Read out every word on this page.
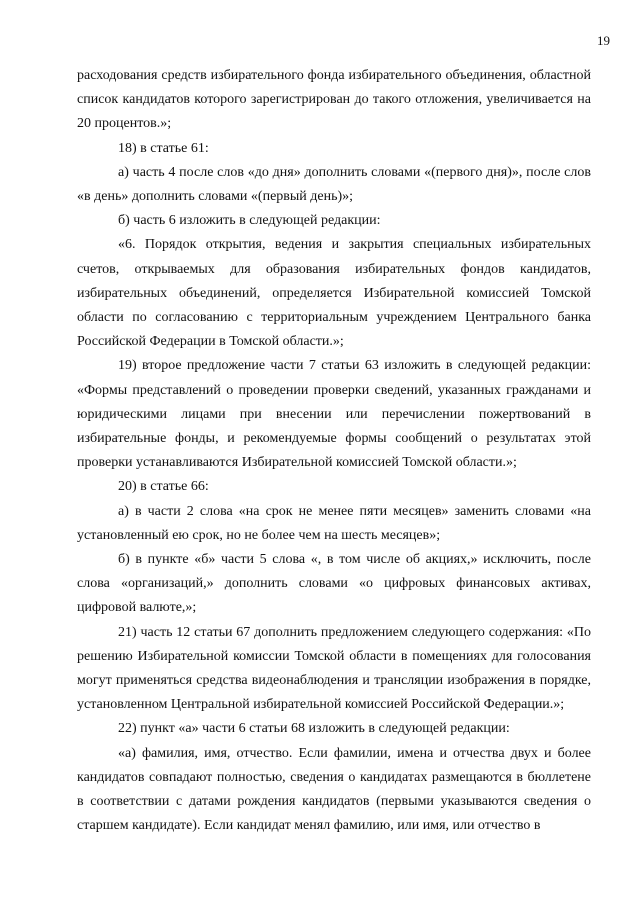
19

расходования средств избирательного фонда избирательного объединения, областной список кандидатов которого зарегистрирован до такого отложения, увеличивается на 20 процентов.»;

18) в статье 61:

а) часть 4 после слов «до дня» дополнить словами «(первого дня)», после слов «в день» дополнить словами «(первый день)»;

б) часть 6 изложить в следующей редакции:

«6. Порядок открытия, ведения и закрытия специальных избирательных счетов, открываемых для образования избирательных фондов кандидатов, избирательных объединений, определяется Избирательной комиссией Томской области по согласованию с территориальным учреждением Центрального банка Российской Федерации в Томской области.»;

19) второе предложение части 7 статьи 63 изложить в следующей редакции: «Формы представлений о проведении проверки сведений, указанных гражданами и юридическими лицами при внесении или перечислении пожертвований в избирательные фонды, и рекомендуемые формы сообщений о результатах этой проверки устанавливаются Избирательной комиссией Томской области.»;

20) в статье 66:

а) в части 2 слова «на срок не менее пяти месяцев» заменить словами «на установленный ею срок, но не более чем на шесть месяцев»;

б) в пункте «б» части 5 слова «, в том числе об акциях,» исключить, после слова «организаций,» дополнить словами «о цифровых финансовых активах, цифровой валюте,»;

21) часть 12 статьи 67 дополнить предложением следующего содержания: «По решению Избирательной комиссии Томской области в помещениях для голосования могут применяться средства видеонаблюдения и трансляции изображения в порядке, установленном Центральной избирательной комиссией Российской Федерации.»;

22) пункт «а» части 6 статьи 68 изложить в следующей редакции:

«а) фамилия, имя, отчество. Если фамилии, имена и отчества двух и более кандидатов совпадают полностью, сведения о кандидатах размещаются в бюллетене в соответствии с датами рождения кандидатов (первыми указываются сведения о старшем кандидате). Если кандидат менял фамилию, или имя, или отчество в
